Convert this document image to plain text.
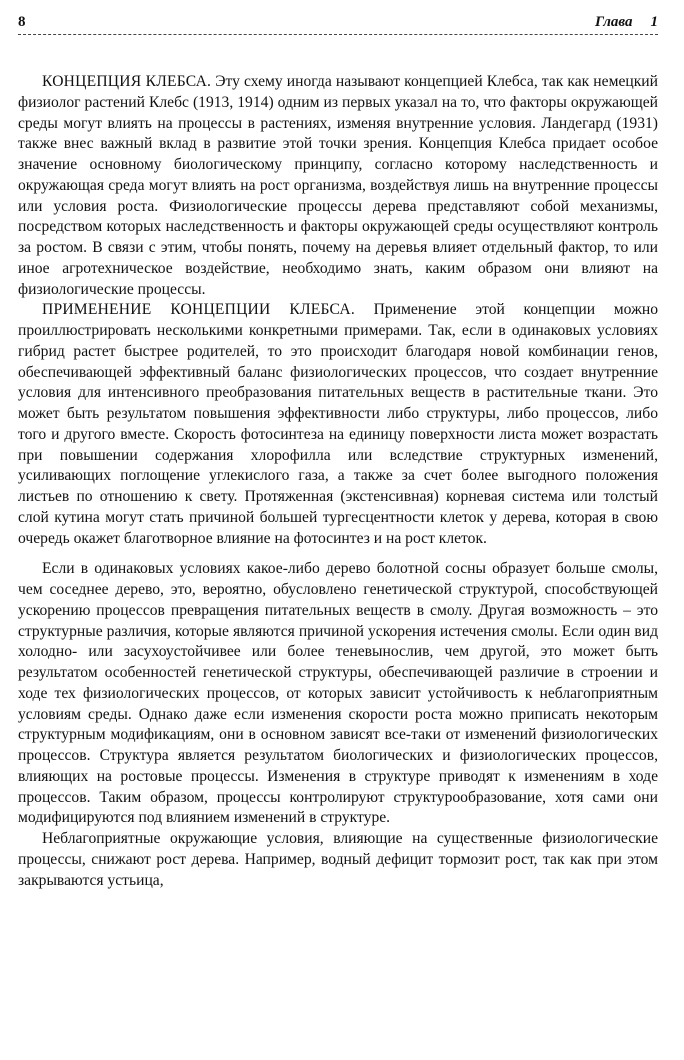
8	Глава 1

КОНЦЕПЦИЯ КЛЕБСА. Эту схему иногда называют концепцией Клебса, так как немецкий физиолог растений Клебс (1913, 1914) одним из первых указал на то, что факторы окружающей среды могут влиять на процессы в растениях, изменяя внутренние условия. Ландегард (1931) также внес важный вклад в развитие этой точки зрения. Концепция Клебса придает особое значение основному биологическому принципу, согласно которому наследственность и окружающая среда могут влиять на рост организма, воздействуя лишь на внутренние процессы или условия роста. Физиологические процессы дерева представляют собой механизмы, посредством которых наследственность и факторы окружающей среды осуществляют контроль за ростом. В связи с этим, чтобы понять, почему на деревья влияет отдельный фактор, то или иное агротехническое воздействие, необходимо знать, каким образом они влияют на физиологические процессы.

ПРИМЕНЕНИЕ КОНЦЕПЦИИ КЛЕБСА. Применение этой концепции можно проиллюстрировать несколькими конкретными примерами. Так, если в одинаковых условиях гибрид растет быстрее родителей, то это происходит благодаря новой комбинации генов, обеспечивающей эффективный баланс физиологических процессов, что создает внутренние условия для интенсивного преобразования питательных веществ в растительные ткани. Это может быть результатом повышения эффективности либо структуры, либо процессов, либо того и другого вместе. Скорость фотосинтеза на единицу поверхности листа может возрастать при повышении содержания хлорофилла или вследствие структурных изменений, усиливающих поглощение углекислого газа, а также за счет более выгодного положения листьев по отношению к свету. Протяженная (экстенсивная) корневая система или толстый слой кутина могут стать причиной большей тургесцентности клеток у дерева, которая в свою очередь окажет благотворное влияние на фотосинтез и на рост клеток.

Если в одинаковых условиях какое-либо дерево болотной сосны образует больше смолы, чем соседнее дерево, это, вероятно, обусловлено генетической структурой, способствующей ускорению процессов превращения питательных веществ в смолу. Другая возможность – это структурные различия, которые являются причиной ускорения истечения смолы. Если один вид холодно- или засухоустойчивее или более теневынослив, чем другой, это может быть результатом особенностей генетической структуры, обеспечивающей различие в строении и ходе тех физиологических процессов, от которых зависит устойчивость к неблагоприятным условиям среды. Однако даже если изменения скорости роста можно приписать некоторым структурным модификациям, они в основном зависят все-таки от изменений физиологических процессов. Структура является результатом биологических и физиологических процессов, влияющих на ростовые процессы. Изменения в структуре приводят к изменениям в ходе процессов. Таким образом, процессы контролируют структурообразование, хотя сами они модифицируются под влиянием изменений в структуре.

Неблагоприятные окружающие условия, влияющие на существенные физиологические процессы, снижают рост дерева. Например, водный дефицит тормозит рост, так как при этом закрываются устьица,
